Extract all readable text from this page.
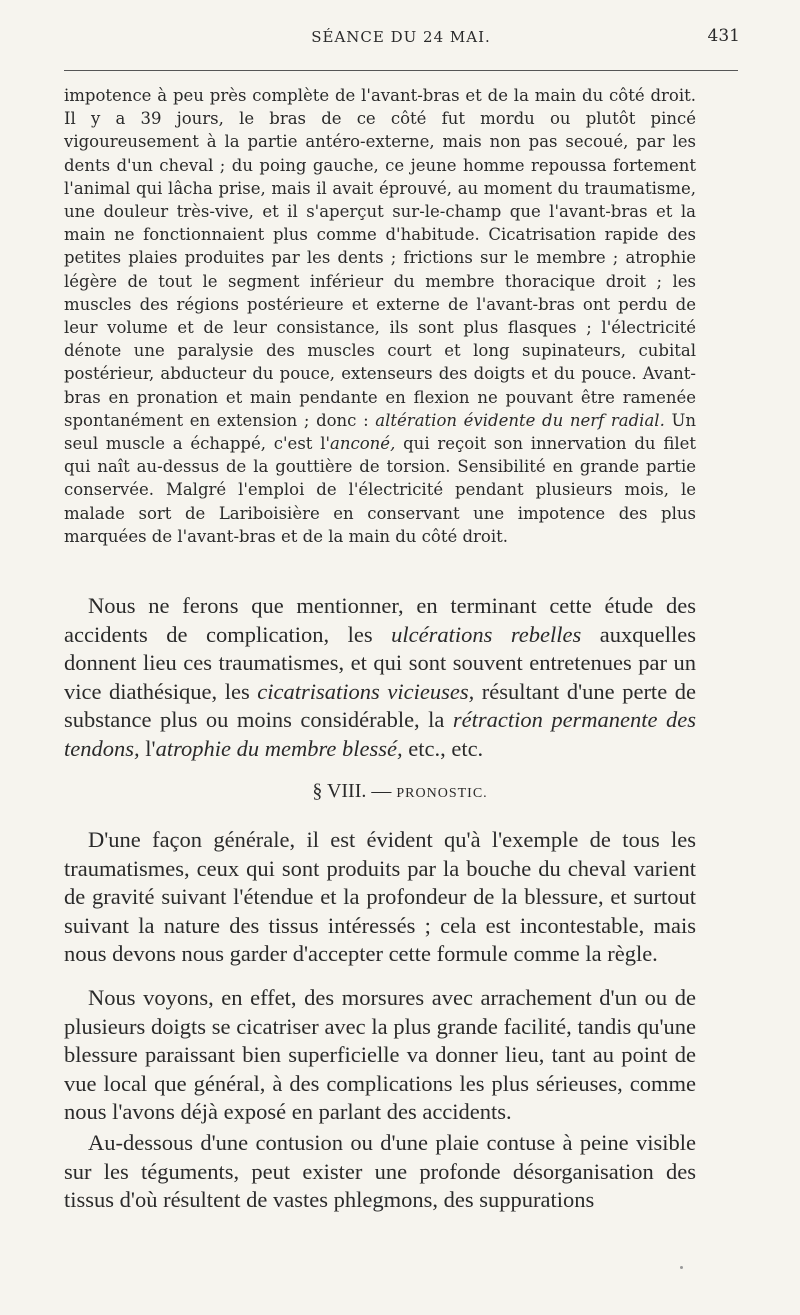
SÉANCE DU 24 MAI.	431

impotence à peu près complète de l'avant-bras et de la main du côté droit. Il y a 39 jours, le bras de ce côté fut mordu ou plutôt pincé vigoureusement à la partie antéro-externe, mais non pas secoué, par les dents d'un cheval ; du poing gauche, ce jeune homme repoussa fortement l'animal qui lâcha prise, mais il avait éprouvé, au moment du traumatisme, une douleur très-vive, et il s'aperçut sur-le-champ que l'avant-bras et la main ne fonctionnaient plus comme d'habitude. Cicatrisation rapide des petites plaies produites par les dents ; frictions sur le membre ; atrophie légère de tout le segment inférieur du membre thoracique droit ; les muscles des régions postérieure et externe de l'avant-bras ont perdu de leur volume et de leur consistance, ils sont plus flasques ; l'électricité dénote une paralysie des muscles court et long supinateurs, cubital postérieur, abducteur du pouce, extenseurs des doigts et du pouce. Avant-bras en pronation et main pendante en flexion ne pouvant être ramenée spontanément en extension ; donc : altération évidente du nerf radial. Un seul muscle a échappé, c'est l'anconé, qui reçoit son innervation du filet qui naît au-dessus de la gouttière de torsion. Sensibilité en grande partie conservée. Malgré l'emploi de l'électricité pendant plusieurs mois, le malade sort de Lariboisière en conservant une impotence des plus marquées de l'avant-bras et de la main du côté droit.

Nous ne ferons que mentionner, en terminant cette étude des accidents de complication, les ulcérations rebelles auxquelles donnent lieu ces traumatismes, et qui sont souvent entretenues par un vice diathésique, les cicatrisations vicieuses, résultant d'une perte de substance plus ou moins considérable, la rétraction permanente des tendons, l'atrophie du membre blessé, etc., etc.

§ VIII. — PRONOSTIC.

D'une façon générale, il est évident qu'à l'exemple de tous les traumatismes, ceux qui sont produits par la bouche du cheval varient de gravité suivant l'étendue et la profondeur de la blessure, et surtout suivant la nature des tissus intéressés ; cela est incontestable, mais nous devons nous garder d'accepter cette formule comme la règle.

Nous voyons, en effet, des morsures avec arrachement d'un ou de plusieurs doigts se cicatriser avec la plus grande facilité, tandis qu'une blessure paraissant bien superficielle va donner lieu, tant au point de vue local que général, à des complications les plus sérieuses, comme nous l'avons déjà exposé en parlant des accidents.

Au-dessous d'une contusion ou d'une plaie contuse à peine visible sur les téguments, peut exister une profonde désorganisation des tissus d'où résultent de vastes phlegmons, des suppurations
